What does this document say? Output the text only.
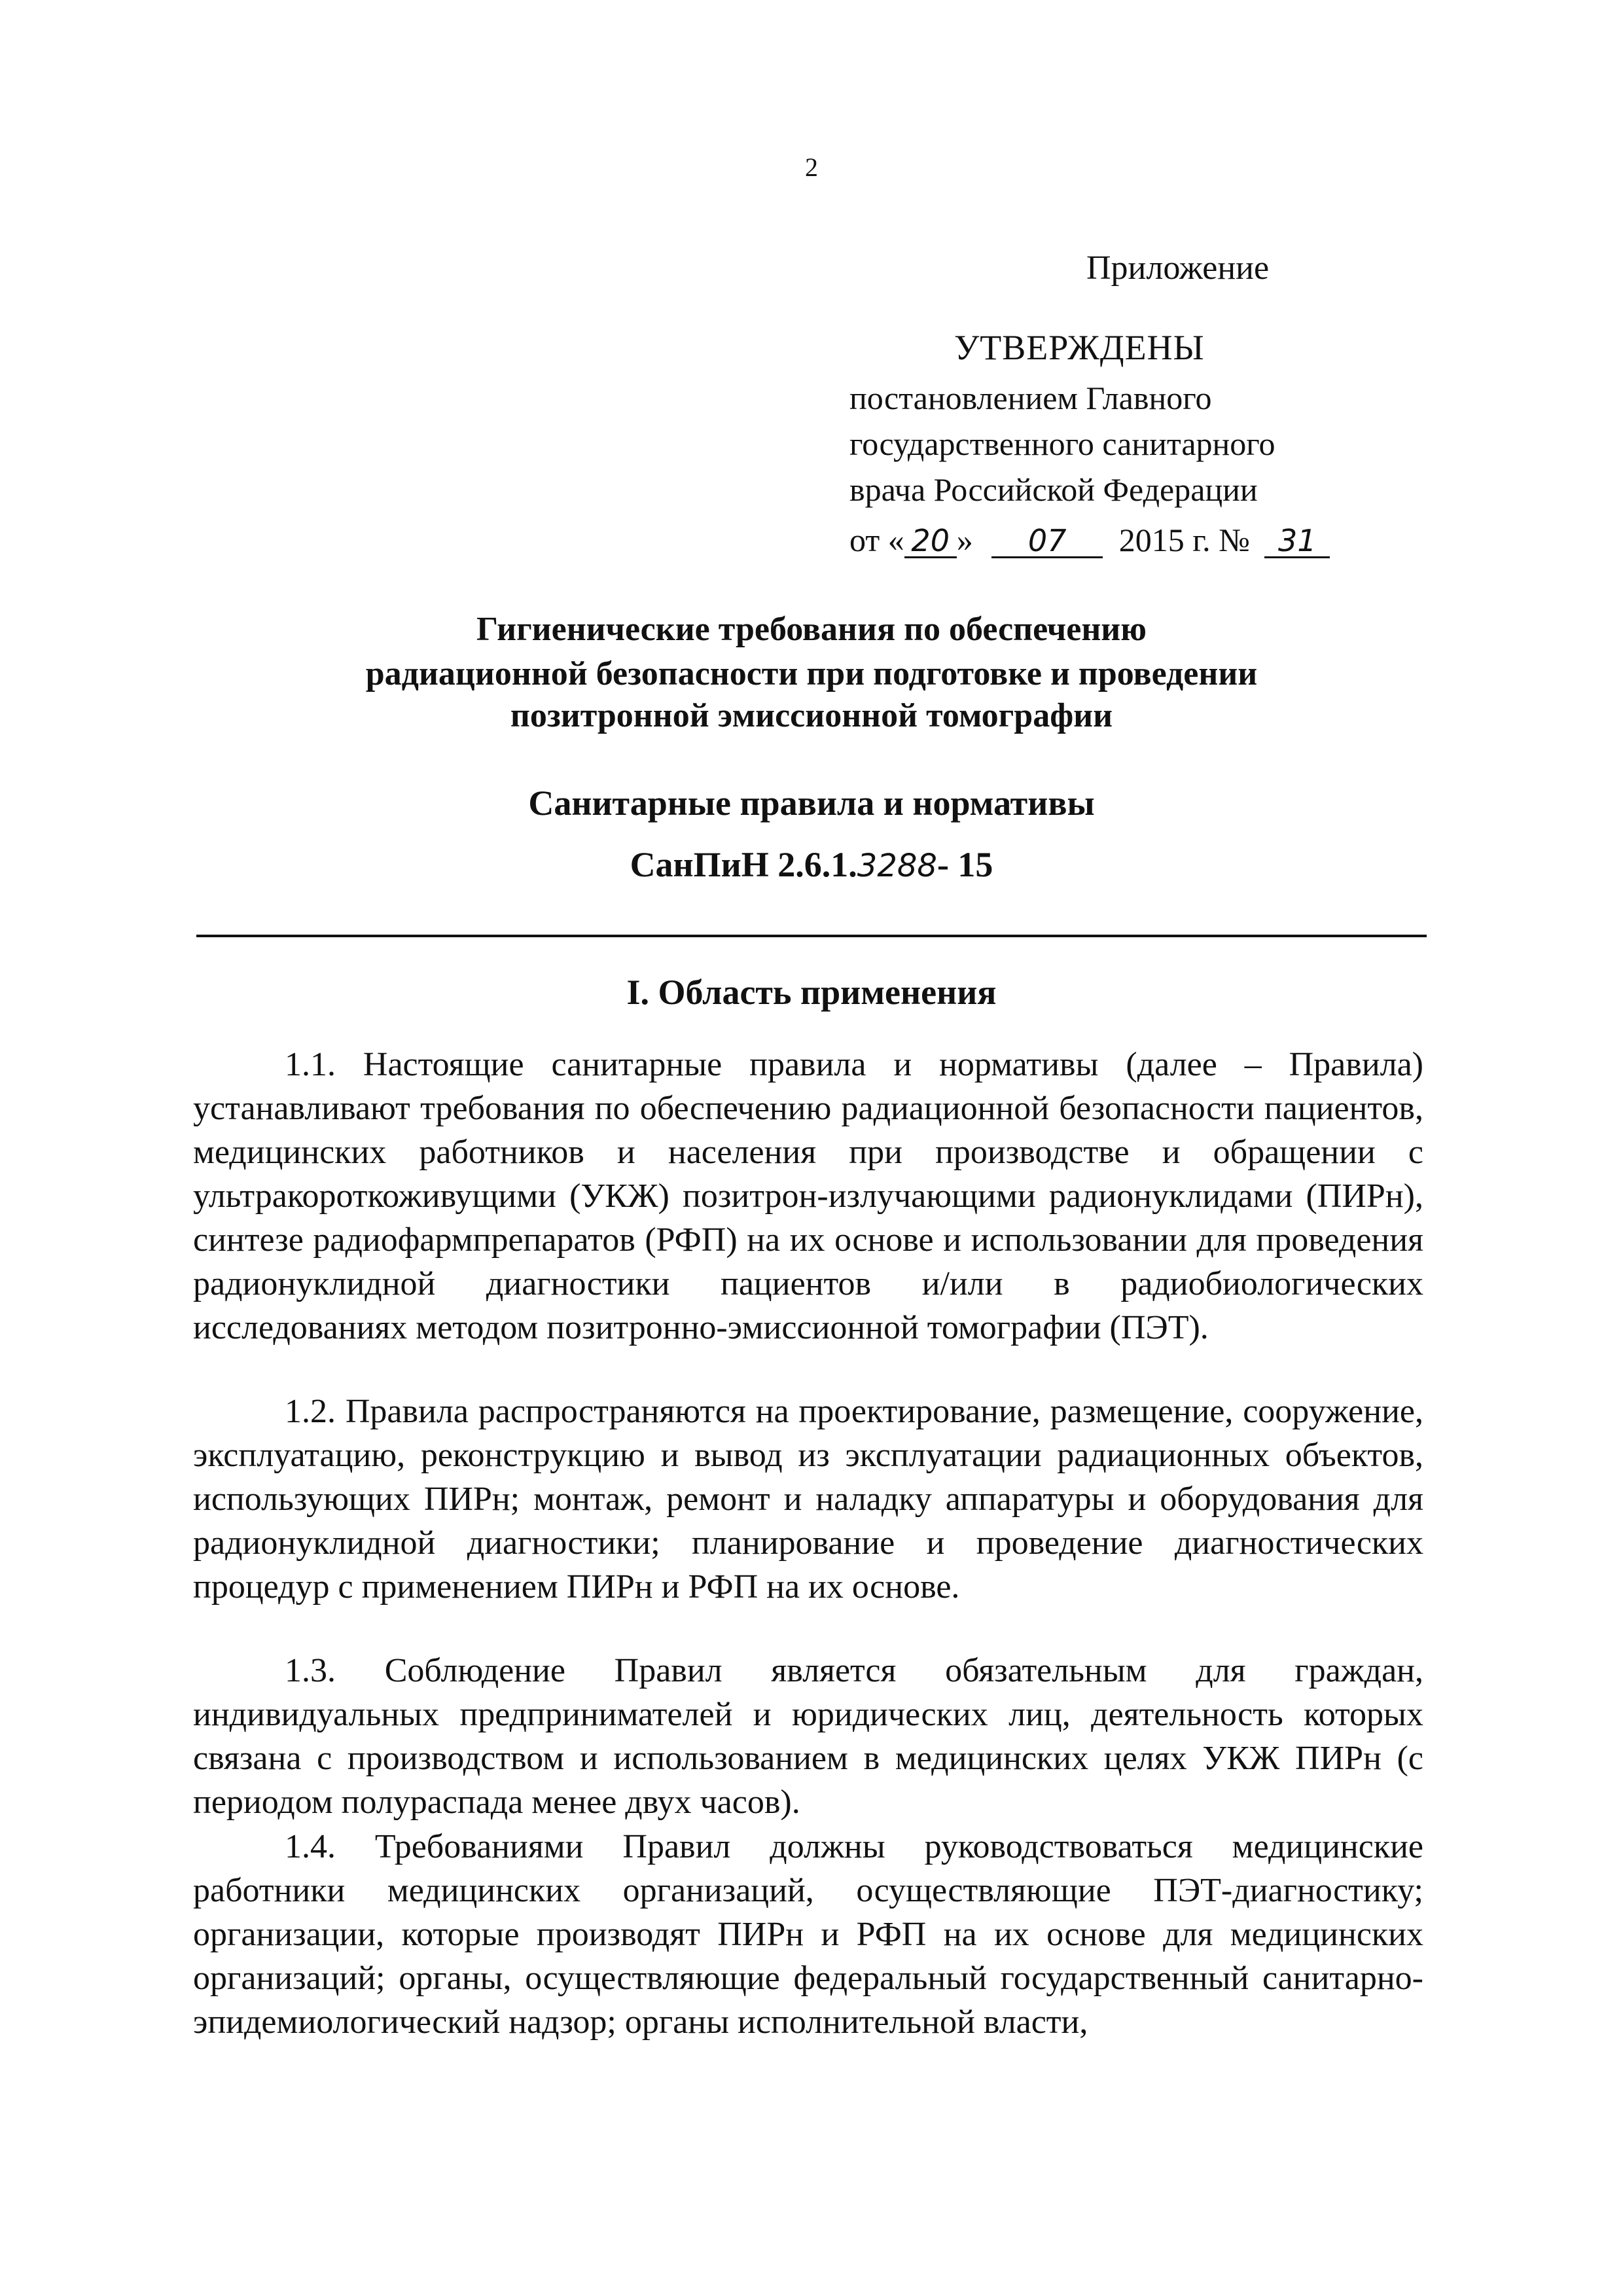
2
Приложение
УТВЕРЖДЕНЫ
постановлением Главного
государственного санитарного
врача Российской Федерации
от « 20 » 07 2015 г. № 31
Гигиенические требования по обеспечению
радиационной безопасности при подготовке и проведении
позитронной эмиссионной томографии
Санитарные правила и нормативы
СанПиН 2.6.1.3288- 15
I. Область применения
1.1. Настоящие санитарные правила и нормативы (далее – Правила) устанавливают требования по обеспечению радиационной безопасности пациентов, медицинских работников и населения при производстве и обращении с ультракороткоживущими (УКЖ) позитрон-излучающими радионуклидами (ПИРн), синтезе радиофармпрепаратов (РФП) на их основе и использовании для проведения радионуклидной диагностики пациентов и/или в радиобиологических исследованиях методом позитронно-эмиссионной томографии (ПЭТ).
1.2. Правила распространяются на проектирование, размещение, сооружение, эксплуатацию, реконструкцию и вывод из эксплуатации радиационных объектов, использующих ПИРн; монтаж, ремонт и наладку аппаратуры и оборудования для радионуклидной диагностики; планирование и проведение диагностических процедур с применением ПИРн и РФП на их основе.
1.3. Соблюдение Правил является обязательным для граждан, индивидуальных предпринимателей и юридических лиц, деятельность которых связана с производством и использованием в медицинских целях УКЖ ПИРн (с периодом полураспада менее двух часов).
1.4. Требованиями Правил должны руководствоваться медицинские работники медицинских организаций, осуществляющие ПЭТ-диагностику; организации, которые производят ПИРн и РФП на их основе для медицинских организаций; органы, осуществляющие федеральный государственный санитарно-эпидемиологический надзор; органы исполнительной власти,
